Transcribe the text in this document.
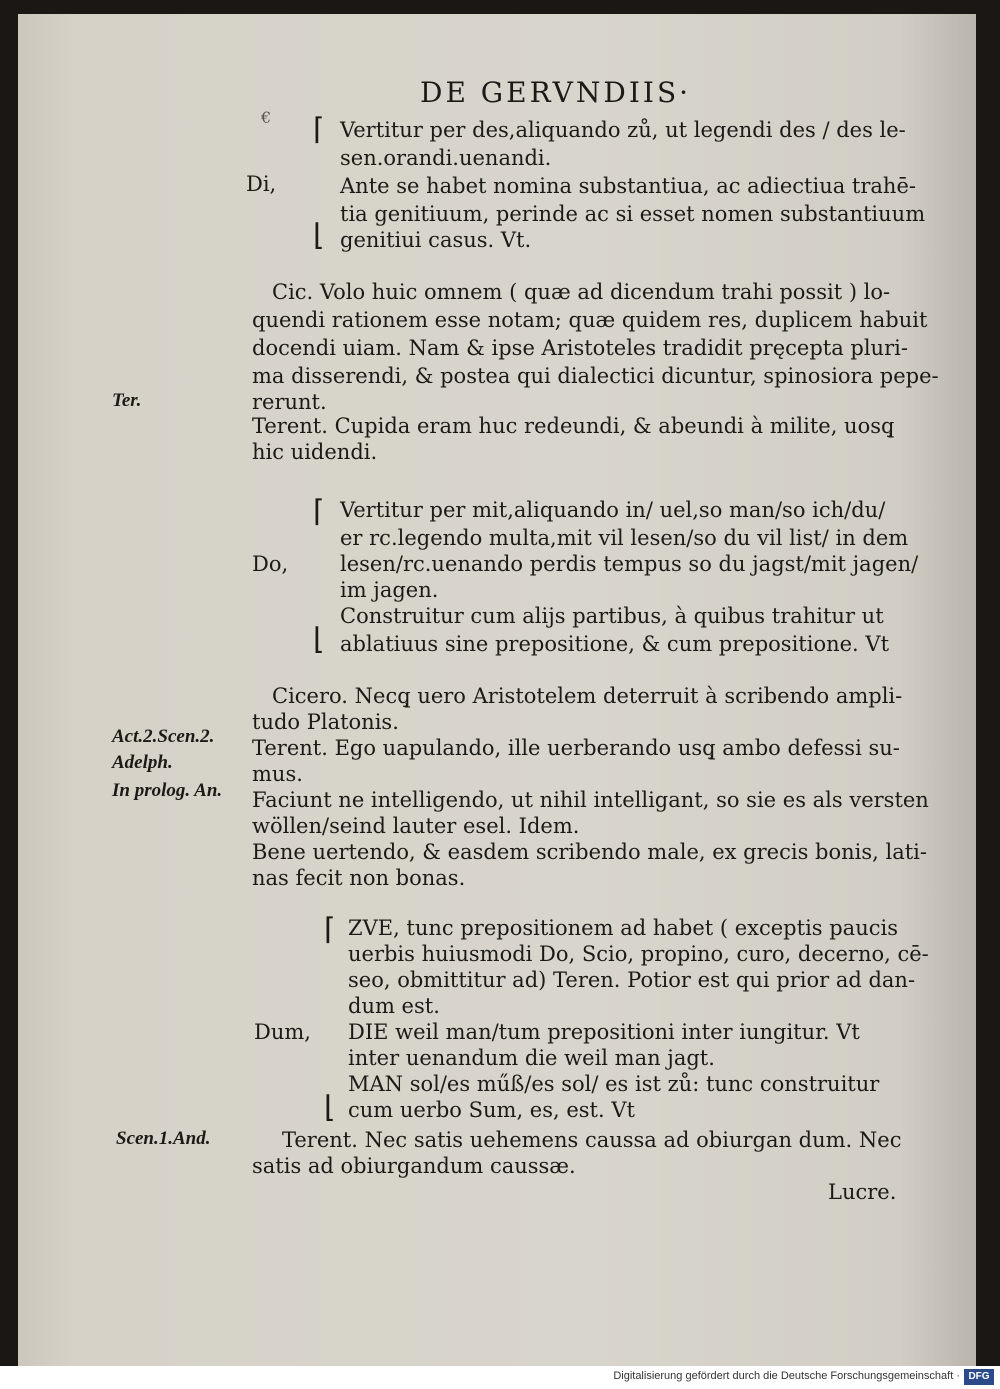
€
DE GERVNDIIS·
⌈ Vertitur per des,aliquando zů, ut legendi des / des le-
sen.orandi.uenandi.
Di,	Ante se habet nomina substantiua, ac adiectiua trahē-
tia genitiuum, perinde ac si esset nomen substantiuum
⌊ genitiui casus. Vt.
Cic. Volo huic omnem ( quæ ad dicendum trahi possit ) lo-
quendi rationem esse notam; quæ quidem res, duplicem habuit
docendi uiam. Nam & ipse Aristoteles tradidit pręcepta pluri-
ma disserendi, & postea qui dialectici dicuntur, spinosiora pepe-
Ter.	rerunt.
Terent. Cupida eram huc redeundi, & abeundi à milite, uosq̧
hic uidendi.
⌈ Vertitur per mit,aliquando in/ uel,so man/so ich/du/
er rc.legendo multa,mit vil lesen/so du vil list/ in dem
Do, lesen/rc.uenando perdis tempus so du jagst/mit jagen/
im jagen.
Construitur cum alijs partibus, à quibus trahitur ut
⌊ ablatiuus sine prepositione, & cum prepositione. Vt
Cicero. Necq̧ uero Aristotelem deterruit à scribendo ampli-
tudo Platonis.
Act.2.Scen.2. Terent. Ego uapulando, ille uerberando usq̧ ambo defessi su-
Adelph.	mus.
In prolog. An. Faciunt ne intelligendo, ut nihil intelligant, so sie es als versten
wöllen/seind lauter esel. Idem.
Bene uertendo, & easdem scribendo male, ex grecis bonis, lati-
nas fecit non bonas.
⌈ ZVE, tunc prepositionem ad habet ( exceptis paucis
uerbis huiusmodi Do, Scio, propino, curo, decerno, cē-
seo, obmittitur ad) Teren. Potior est qui prior ad dan-
dum est.
Dum, DIE weil man/tum prepositioni inter iungitur. Vt
inter uenandum die weil man jagt.
MAN sol/es műß/es sol/ es ist zů: tunc construitur
⌊ cum uerbo Sum, es, est. Vt
Scen.1.And.	Terent. Nec satis uehemens caussa ad obiurgan dum. Nec
satis ad obiurgandum caussæ.
Lucre.
Digitalisierung gefördert durch die Deutsche Forschungsgemeinschaft · DFG
